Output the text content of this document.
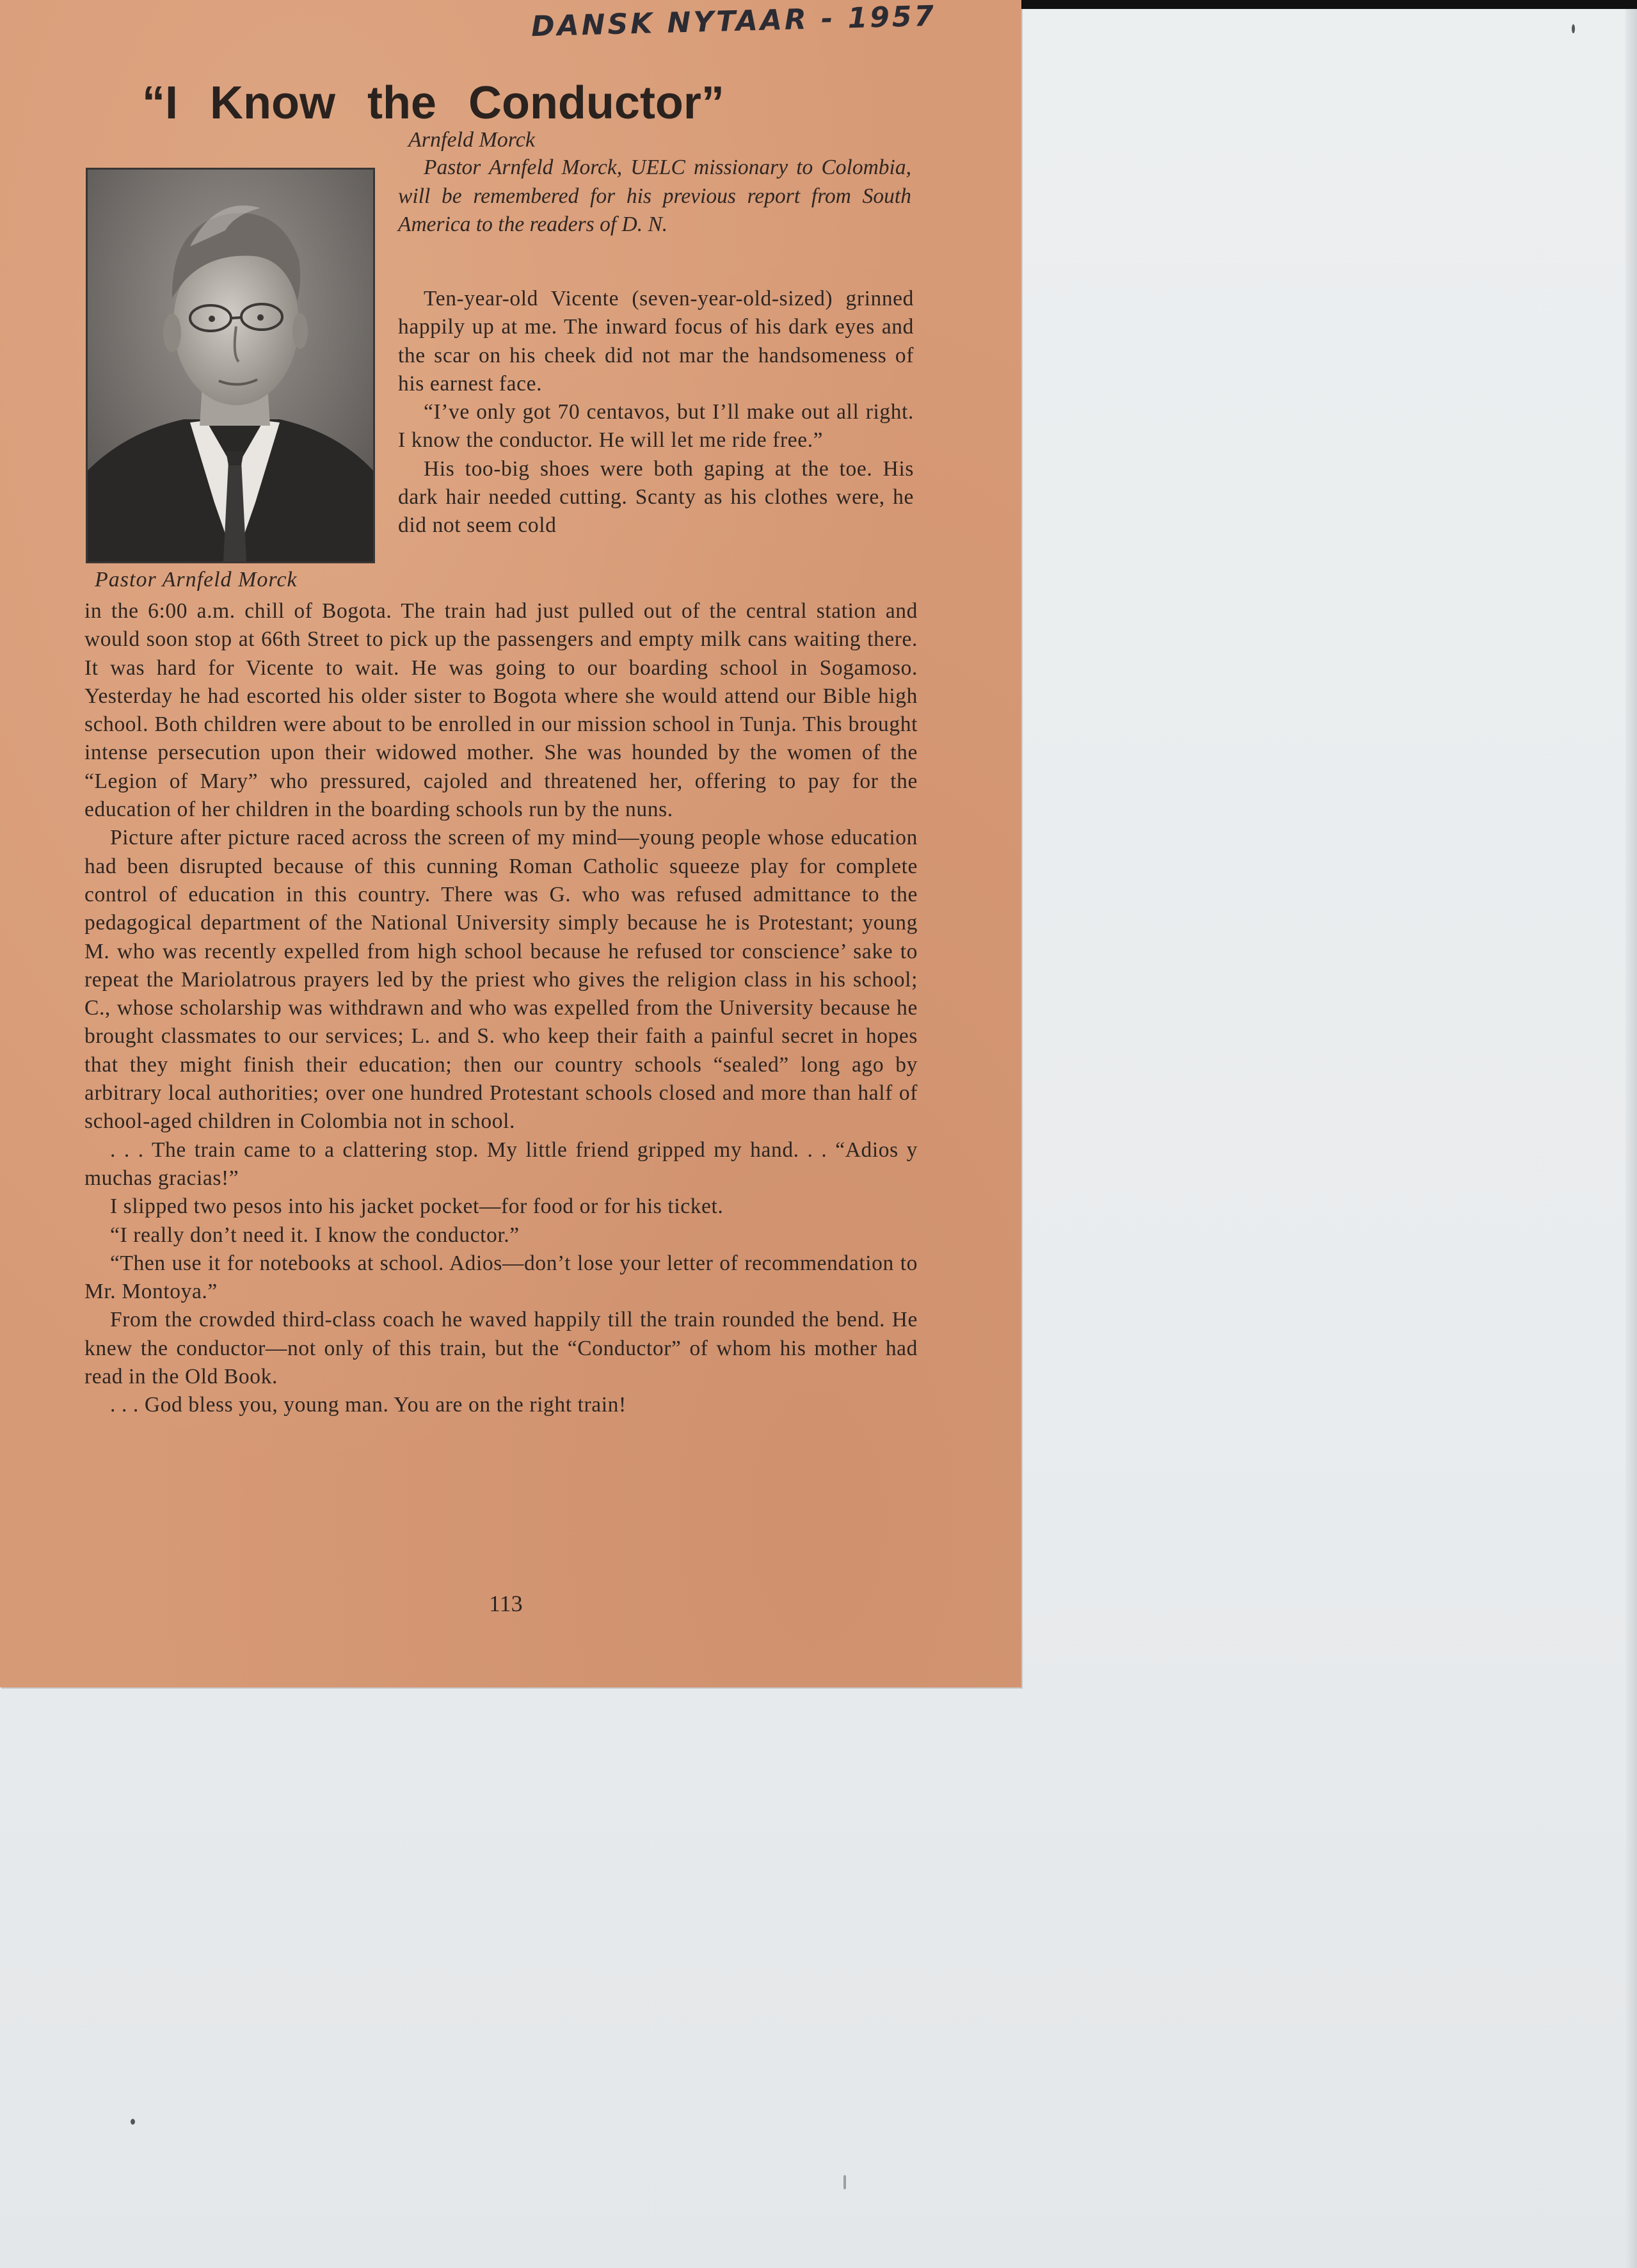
DANSK NYTAAR - 1957
“I Know the Conductor”
Arnfeld Morck
Pastor Arnfeld Morck

Pastor Arnfeld Morck, UELC missionary to Colombia, will be remembered for his previous report from South America to the readers of D. N.

Ten-year-old Vicente (seven-year-old-sized) grinned happily up at me. The inward focus of his dark eyes and the scar on his cheek did not mar the handsomeness of his earnest face.

“I’ve only got 70 centavos, but I’ll make out all right. I know the conductor. He will let me ride free.”

His too-big shoes were both gaping at the toe. His dark hair needed cutting. Scanty as his clothes were, he did not seem cold

in the 6:00 a.m. chill of Bogota. The train had just pulled out of the central station and would soon stop at 66th Street to pick up the passengers and empty milk cans waiting there. It was hard for Vicente to wait. He was going to our boarding school in Sogamoso. Yesterday he had escorted his older sister to Bogota where she would attend our Bible high school. Both children were about to be enrolled in our mission school in Tunja. This brought intense persecution upon their widowed mother. She was hounded by the women of the “Legion of Mary” who pressured, cajoled and threatened her, offering to pay for the education of her children in the boarding schools run by the nuns.

Picture after picture raced across the screen of my mind—young people whose education had been disrupted because of this cunning Roman Catholic squeeze play for complete control of education in this country. There was G. who was refused admittance to the pedagogical department of the National University simply because he is Protestant; young M. who was recently expelled from high school because he refused tor conscience’ sake to repeat the Mariolatrous prayers led by the priest who gives the religion class in his school; C., whose scholarship was withdrawn and who was expelled from the University because he brought classmates to our services; L. and S. who keep their faith a painful secret in hopes that they might finish their education; then our country schools “sealed” long ago by arbitrary local authorities; over one hundred Protestant schools closed and more than half of school-aged children in Colombia not in school.

. . . The train came to a clattering stop. My little friend gripped my hand. . . “Adios y muchas gracias!”

I slipped two pesos into his jacket pocket—for food or for his ticket.

“I really don’t need it. I know the conductor.”

“Then use it for notebooks at school. Adios—don’t lose your letter of recommendation to Mr. Montoya.”

From the crowded third-class coach he waved happily till the train rounded the bend. He knew the conductor—not only of this train, but the “Conductor” of whom his mother had read in the Old Book.

. . . God bless you, young man. You are on the right train!

113
